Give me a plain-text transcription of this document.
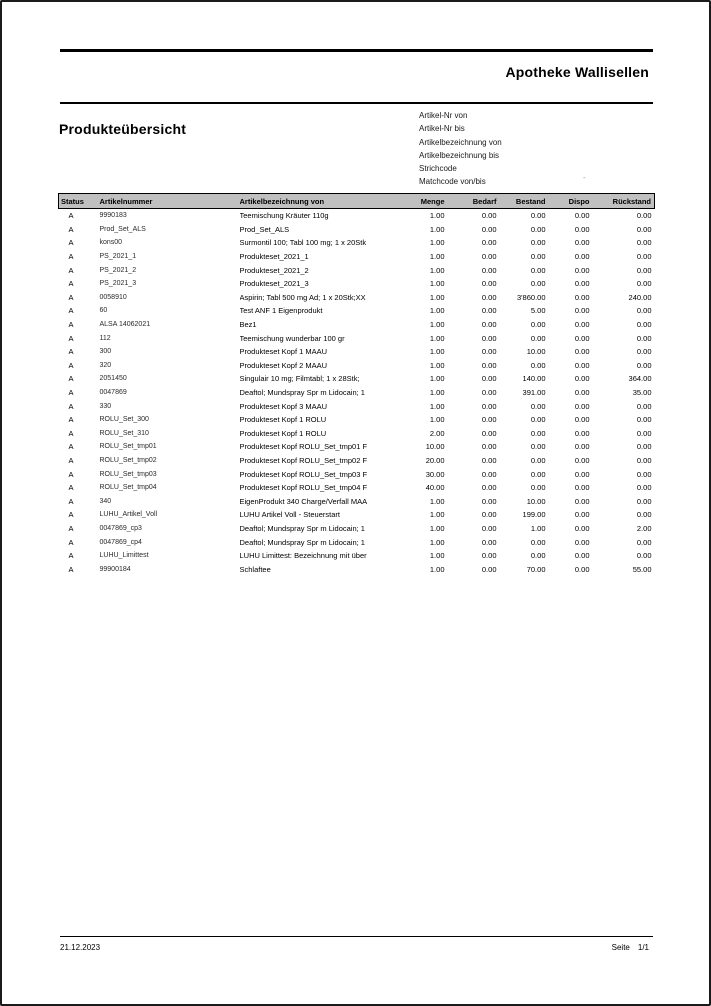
Apotheke Wallisellen
Produkteübersicht
Artikel-Nr von
Artikel-Nr bis
Artikelbezeichnung von
Artikelbezeichnung bis
Strichcode
Matchcode von/bis	-
Status	Artikelnummer	Artikelbezeichnung von	Menge	Bedarf	Bestand	Dispo	Rückstand
A	9990183	Teemischung Kräuter 110g	1.00	0.00	0.00	0.00	0.00
A	Prod_Set_ALS	Prod_Set_ALS	1.00	0.00	0.00	0.00	0.00
A	kons00	Surmontil 100; Tabl 100 mg; 1 x 20Stk	1.00	0.00	0.00	0.00	0.00
A	PS_2021_1	Produkteset_2021_1	1.00	0.00	0.00	0.00	0.00
A	PS_2021_2	Produkteset_2021_2	1.00	0.00	0.00	0.00	0.00
A	PS_2021_3	Produkteset_2021_3	1.00	0.00	0.00	0.00	0.00
A	0058910	Aspirin; Tabl 500 mg Ad; 1 x 20Stk;XX	1.00	0.00	3'860.00	0.00	240.00
A	60	Test ANF 1 Eigenprodukt	1.00	0.00	5.00	0.00	0.00
A	ALSA 14062021	Bez1	1.00	0.00	0.00	0.00	0.00
A	112	Teemischung wunderbar 100 gr	1.00	0.00	0.00	0.00	0.00
A	300	Produkteset Kopf 1 MAAU	1.00	0.00	10.00	0.00	0.00
A	320	Produkteset Kopf 2 MAAU	1.00	0.00	0.00	0.00	0.00
A	2051450	Singulair 10 mg; Filmtabl; 1 x 28Stk;	1.00	0.00	140.00	0.00	364.00
A	0047869	Deaftol; Mundspray Spr m Lidocain; 1	1.00	0.00	391.00	0.00	35.00
A	330	Produkteset Kopf 3 MAAU	1.00	0.00	0.00	0.00	0.00
A	ROLU_Set_300	Produkteset Kopf 1 ROLU	1.00	0.00	0.00	0.00	0.00
A	ROLU_Set_310	Produkteset Kopf 1 ROLU	2.00	0.00	0.00	0.00	0.00
A	ROLU_Set_tmp01	Produkteset Kopf ROLU_Set_tmp01 F	10.00	0.00	0.00	0.00	0.00
A	ROLU_Set_tmp02	Produkteset Kopf ROLU_Set_tmp02 F	20.00	0.00	0.00	0.00	0.00
A	ROLU_Set_tmp03	Produkteset Kopf ROLU_Set_tmp03 F	30.00	0.00	0.00	0.00	0.00
A	ROLU_Set_tmp04	Produkteset Kopf ROLU_Set_tmp04 F	40.00	0.00	0.00	0.00	0.00
A	340	EigenProdukt 340 Charge/Verfall MAA	1.00	0.00	10.00	0.00	0.00
A	LUHU_Artikel_Voll	LUHU Artikel Voll - Steuerstart	1.00	0.00	199.00	0.00	0.00
A	0047869_cp3	Deaftol; Mundspray Spr m Lidocain; 1	1.00	0.00	1.00	0.00	2.00
A	0047869_cp4	Deaftol; Mundspray Spr m Lidocain; 1	1.00	0.00	0.00	0.00	0.00
A	LUHU_Limittest	LUHU Limittest: Bezeichnung mit über	1.00	0.00	0.00	0.00	0.00
A	99900184	Schlaftee	1.00	0.00	70.00	0.00	55.00
21.12.2023	Seite 1/1
